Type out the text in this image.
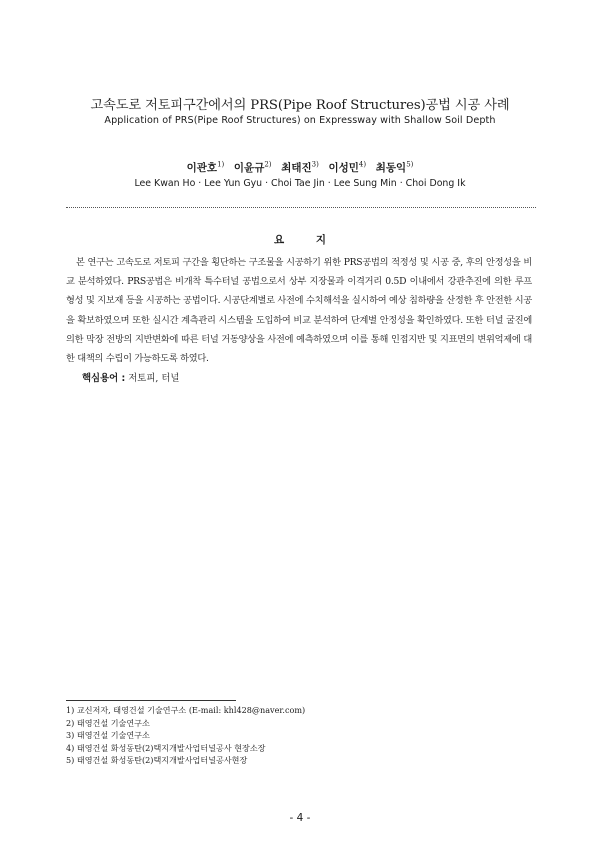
고속도로 저토피구간에서의 PRS(Pipe Roof Structures)공법 시공 사례
Application of PRS(Pipe Roof Structures) on Expressway with Shallow Soil Depth
이관호$^{1)}$ 이윤규$^{2)}$ 최태진$^{3)}$ 이성민$^{4)}$ 최동익$^{5)}$
Lee Kwan Ho · Lee Yun Gyu · Choi Tae Jin · Lee Sung Min · Choi Dong Ik
요 지

본 연구는 고속도로 저토피 구간을 횡단하는 구조물을 시공하기 위한 PRS공법의 적정성 및 시공 중, 후의 안정성을 비교 분석하였다. PRS공법은 비개착 특수터널 공법으로서 상부 지장물과 이격거리 0.5D 이내에서 강관추진에 의한 루프 형성 및 지보재 등을 시공하는 공법이다. 시공단계별로 사전에 수치해석을 실시하여 예상 침하량을 산정한 후 안전한 시공을 확보하였으며 또한 실시간 계측관리 시스템을 도입하여 비교 분석하여 단계별 안정성을 확인하였다. 또한 터널 굴진에 의한 막장 전방의 지반변화에 따른 터널 거동양상을 사전에 예측하였으며 이를 통해 인접지반 및 지표면의 변위억제에 대한 대책의 수립이 가능하도록 하였다.

핵심용어 : 저토피, 터널
1) 교신저자, 태영건설 기술연구소 (E-mail: khl428@naver.com)
2) 태영건설 기술연구소
3) 태영건설 기술연구소
4) 태영건설 화성동탄(2)택지개발사업터널공사 현장소장
5) 태영건설 화성동탄(2)택지개발사업터널공사현장
- 4 -
